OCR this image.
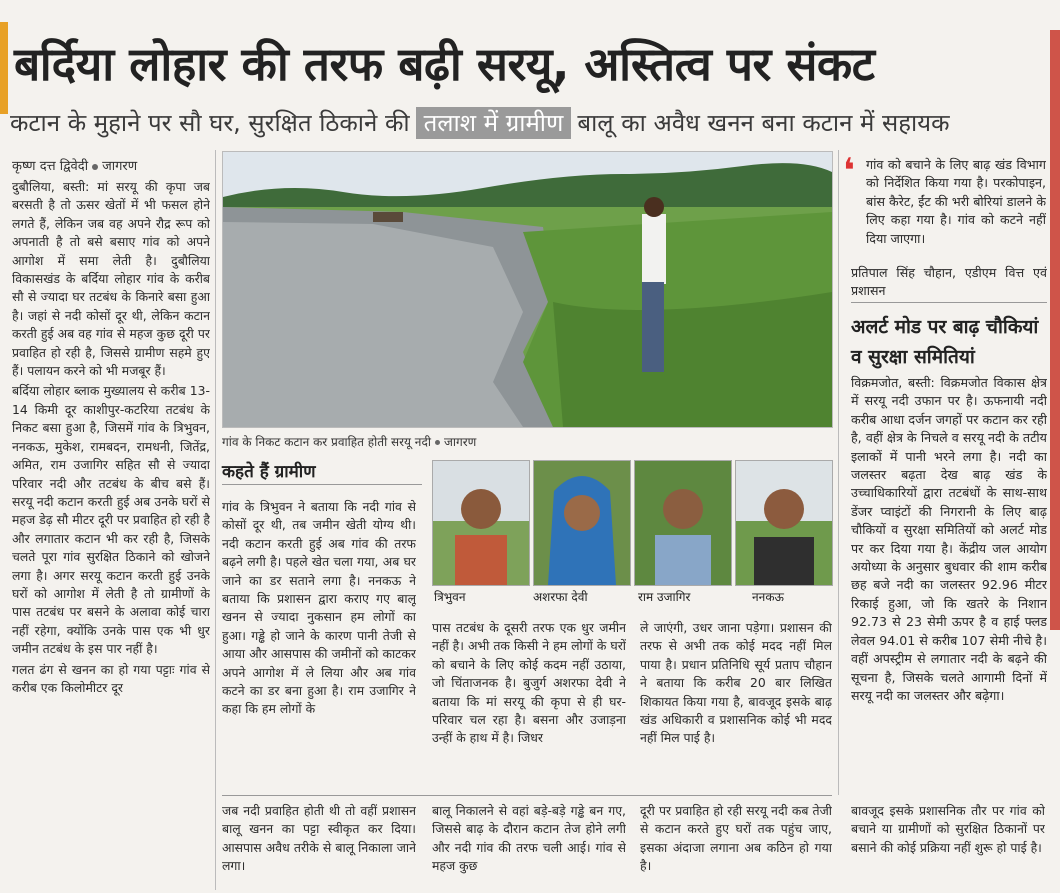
बर्दिया लोहार की तरफ बढ़ी सरयू, अस्तित्व पर संकट
कटान के मुहाने पर सौ घर, सुरक्षित ठिकाने की तलाश में ग्रामीण बालू का अवैध खनन बना कटान में सहायक
कृष्ण दत्त द्विवेदी जागरण

दुबौलिया, बस्ती: मां सरयू की कृपा जब बरसती है तो ऊसर खेतों में भी फसल होने लगते हैं, लेकिन जब वह अपने रौद्र रूप को अपनाती है तो बसे बसाए गांव को अपने आगोश में समा लेती है। दुबौलिया विकासखंड के बर्दिया लोहार गांव के करीब सौ से ज्यादा घर तटबंध के किनारे बसा हुआ है। जहां से नदी कोसों दूर थी, लेकिन कटान करती हुई अब वह गांव से महज कुछ दूरी पर प्रवाहित हो रही है, जिससे ग्रामीण सहमे हुए हैं। पलायन करने को भी मजबूर हैं।

बर्दिया लोहार ब्लाक मुख्यालय से करीब 13-14 किमी दूर काशीपुर-कटरिया तटबंध के निकट बसा हुआ है, जिसमें गांव के त्रिभुवन, ननकऊ, मुकेश, रामबदन, रामधनी, जितेंद्र, अमित, राम उजागिर सहित सौ से ज्यादा परिवार नदी और तटबंध के बीच बसे हैं। सरयू नदी कटान करती हुई अब उनके घरों से महज डेढ़ सौ मीटर दूरी पर प्रवाहित हो रही है और लगातार कटान भी कर रही है, जिसके चलते पूरा गांव सुरक्षित ठिकाने को खोजने लगा है। अगर सरयू कटान करती हुई उनके घरों को आगोश में लेती है तो ग्रामीणों के पास तटबंध पर बसने के अलावा कोई चारा नहीं रहेगा, क्योंकि उनके पास एक भी धुर जमीन तटबंध के इस पार नहीं है।

गलत ढंग से खनन का हो गया पट्टाः गांव से करीब एक किलोमीटर दूर

गांव के निकट कटान कर प्रवाहित होती सरयू नदी जागरण
कहते हैं ग्रामीण
त्रिभुवन	अशरफा देवी	राम उजागिर	ननकऊ
गांव के त्रिभुवन ने बताया कि नदी गांव से कोसों दूर थी, तब जमीन खेती योग्य थी। नदी कटान करती हुई अब गांव की तरफ बढ़ने लगी है। पहले खेत चला गया, अब घर जाने का डर सताने लगा है। ननकऊ ने बताया कि प्रशासन द्वारा कराए गए बालू खनन से ज्यादा नुकसान हम लोगों का हुआ। गड्ढे हो जाने के कारण पानी तेजी से आया और आसपास की जमीनों को काटकर अपने आगोश में ले लिया और अब गांव कटने का डर बना हुआ है। राम उजागिर ने कहा कि हम लोगों के
पास तटबंध के दूसरी तरफ एक धुर जमीन नहीं है। अभी तक किसी ने हम लोगों के घरों को बचाने के लिए कोई कदम नहीं उठाया, जो चिंताजनक है। बुजुर्ग अशरफा देवी ने बताया कि मां सरयू की कृपा से ही घर-परिवार चल रहा है। बसना और उजाड़ना उन्हीं के हाथ में है। जिधर
ले जाएंगी, उधर जाना पड़ेगा। प्रशासन की तरफ से अभी तक कोई मदद नहीं मिल पाया है। प्रधान प्रतिनिधि सूर्य प्रताप चौहान ने बताया कि करीब 20 बार लिखित शिकायत किया गया है, बावजूद इसके बाढ़ खंड अधिकारी व प्रशासनिक कोई भी मदद नहीं मिल पाई है।
जब नदी प्रवाहित होती थी तो वहीं प्रशासन बालू खनन का पट्टा स्वीकृत कर दिया। आसपास अवैध तरीके से बालू निकाला जाने लगा।
बालू निकालने से वहां बड़े-बड़े गड्ढे बन गए, जिससे बाढ़ के दौरान कटान तेज होने लगी और नदी गांव की तरफ चली आई। गांव से महज कुछ
दूरी पर प्रवाहित हो रही सरयू नदी कब तेजी से कटान करते हुए घरों तक पहुंच जाए, इसका अंदाजा लगाना अब कठिन हो गया है।
बावजूद इसके प्रशासनिक तौर पर गांव को बचाने या ग्रामीणों को सुरक्षित ठिकानों पर बसाने की कोई प्रक्रिया नहीं शुरू हो पाई है।
❛ गांव को बचाने के लिए बाढ़ खंड विभाग को निर्देशित किया गया है। परकोपाइन, बांस कैरेट, ईंट की भरी बोरियां डालने के लिए कहा गया है। गांव को कटने नहीं दिया जाएगा।
प्रतिपाल सिंह चौहान, एडीएम वित्त एवं प्रशासन
अलर्ट मोड पर बाढ़ चौकियां व सुरक्षा समितियां
विक्रमजोत, बस्ती: विक्रमजोत विकास क्षेत्र में सरयू नदी उफान पर है। ऊफनायी नदी करीब आधा दर्जन जगहों पर कटान कर रही है, वहीं क्षेत्र के निचले व सरयू नदी के तटीय इलाकों में पानी भरने लगा है। नदी का जलस्तर बढ़ता देख बाढ़ खंड के उच्चाधिकारियों द्वारा तटबंधों के साथ-साथ डेंजर प्वाइंटों की निगरानी के लिए बाढ़ चौकियों व सुरक्षा समितियों को अलर्ट मोड पर कर दिया गया है। केंद्रीय जल आयोग अयोध्या के अनुसार बुधवार की शाम करीब छह बजे नदी का जलस्तर 92.96 मीटर रिकाई हुआ, जो कि खतरे के निशान 92.73 से 23 सेमी ऊपर है व हाई फ्लड लेवल 94.01 से करीब 107 सेमी नीचे है। वहीं अपस्ट्रीम से लगातार नदी के बढ़ने की सूचना है, जिसके चलते आगामी दिनों में सरयू नदी का जलस्तर और बढ़ेगा।
